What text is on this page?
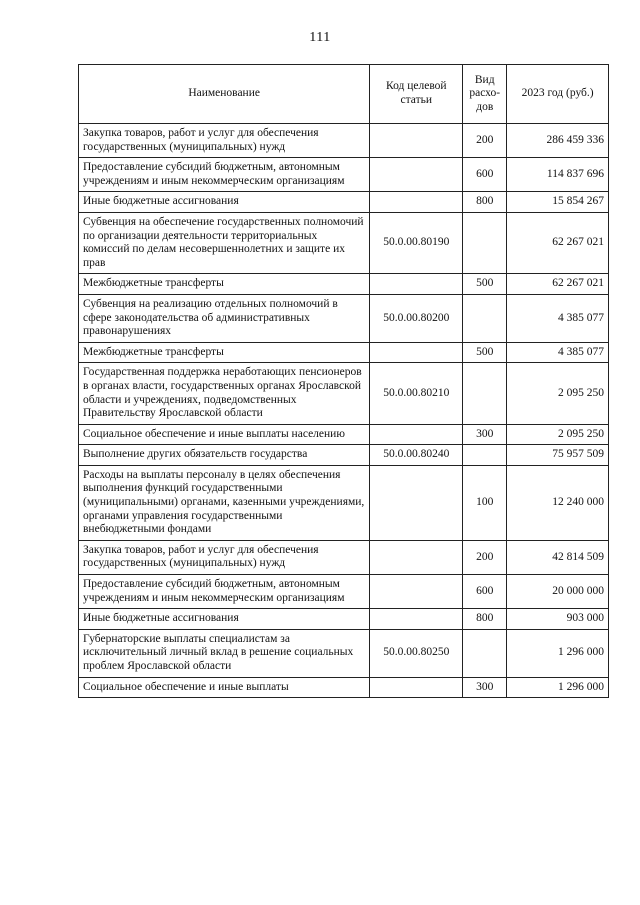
111
Наименование	Код целевой статьи	Вид расхо-дов	2023 год (руб.)
Закупка товаров, работ и услуг для обеспечения государственных (муниципальных) нужд		200	286 459 336
Предоставление субсидий бюджетным, автономным учреждениям и иным некоммерческим организациям		600	114 837 696
Иные бюджетные ассигнования		800	15 854 267
Субвенция на обеспечение государственных полномочий по организации деятельности территориальных комиссий по делам несовершеннолетних и защите их прав	50.0.00.80190		62 267 021
Межбюджетные трансферты		500	62 267 021
Субвенция на реализацию отдельных полномочий в сфере законодательства об административных правонарушениях	50.0.00.80200		4 385 077
Межбюджетные трансферты		500	4 385 077
Государственная поддержка неработающих пенсионеров в органах власти, государственных органах Ярославской области и учреждениях, подведомственных Правительству Ярославской области	50.0.00.80210		2 095 250
Социальное обеспечение и иные выплаты населению		300	2 095 250
Выполнение других обязательств государства	50.0.00.80240		75 957 509
Расходы на выплаты персоналу в целях обеспечения выполнения функций государственными (муниципальными) органами, казенными учреждениями, органами управления государственными внебюджетными фондами		100	12 240 000
Закупка товаров, работ и услуг для обеспечения государственных (муниципальных) нужд		200	42 814 509
Предоставление субсидий бюджетным, автономным учреждениям и иным некоммерческим организациям		600	20 000 000
Иные бюджетные ассигнования		800	903 000
Губернаторские выплаты специалистам за исключительный личный вклад в решение социальных проблем Ярославской области	50.0.00.80250		1 296 000
Социальное обеспечение и иные выплаты		300	1 296 000
